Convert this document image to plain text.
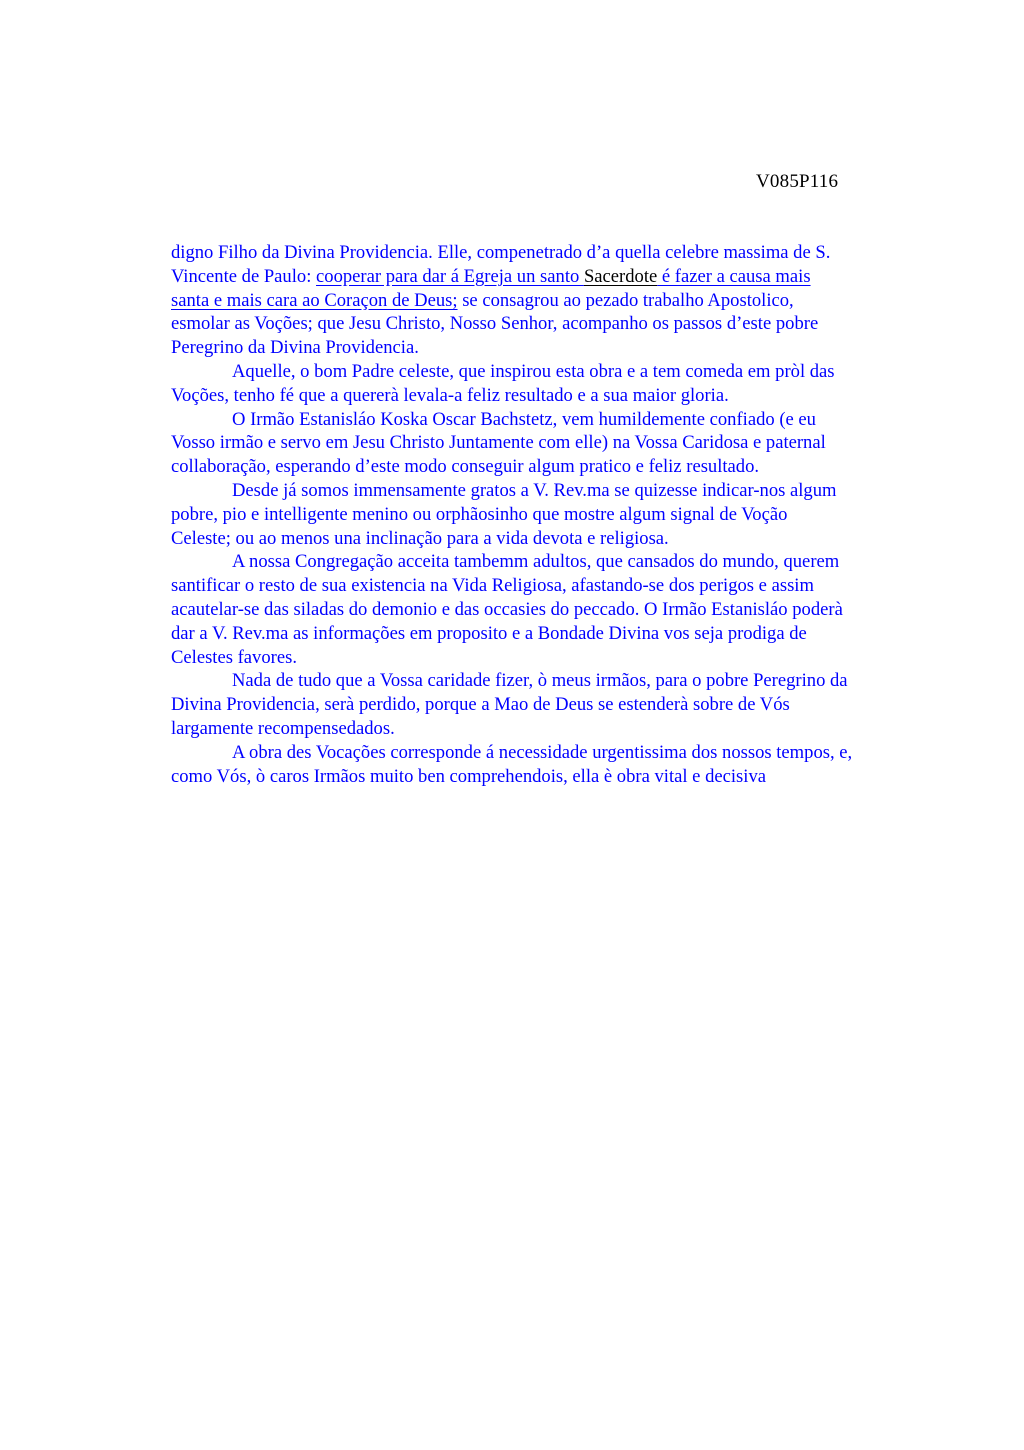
V085P116
digno Filho da Divina Providencia. Elle, compenetrado d’a quella celebre massima de S.
Vincente de Paulo: cooperar para dar á Egreja un santo Sacerdote é fazer a causa mais
santa e mais cara ao Coraçon de Deus; se consagrou ao pezado trabalho Apostolico,
esmolar as Voções; que Jesu Christo, Nosso Senhor, acompanho os passos d’este pobre
Peregrino da Divina Providencia.
Aquelle, o bom Padre celeste, que inspirou esta obra e a tem comeda em pròl das
Voções, tenho fé que a quererà levala-a feliz resultado e a sua maior gloria.
O Irmão Estanisláo Koska Oscar Bachstetz, vem humildemente confiado (e eu
Vosso irmão e servo em Jesu Christo Juntamente com elle) na Vossa Caridosa e paternal
collaboração, esperando d’este modo conseguir algum pratico e feliz resultado.
Desde já somos immensamente gratos a V. Rev.ma se quizesse indicar-nos algum
pobre, pio e intelligente menino ou orphãosinho que mostre algum signal de Voção
Celeste; ou ao menos una inclinação para a vida devota e religiosa.
A nossa Congregação acceita tambemm adultos, que cansados do mundo, querem
santificar o resto de sua existencia na Vida Religiosa, afastando-se dos perigos e assim
acautelar-se das siladas do demonio e das occasies do peccado. O Irmão Estanisláo poderà
dar a V. Rev.ma as informações em proposito e a Bondade Divina vos seja prodiga de
Celestes favores.
Nada de tudo que a Vossa caridade fizer, ò meus irmãos, para o pobre Peregrino da
Divina Providencia, serà perdido, porque a Mao de Deus se estenderà sobre de Vós
largamente recompensedados.
A obra des Vocações corresponde á necessidade urgentissima dos nossos tempos, e,
como Vós, ò caros Irmãos muito ben comprehendois, ella è obra vital e decisiva
